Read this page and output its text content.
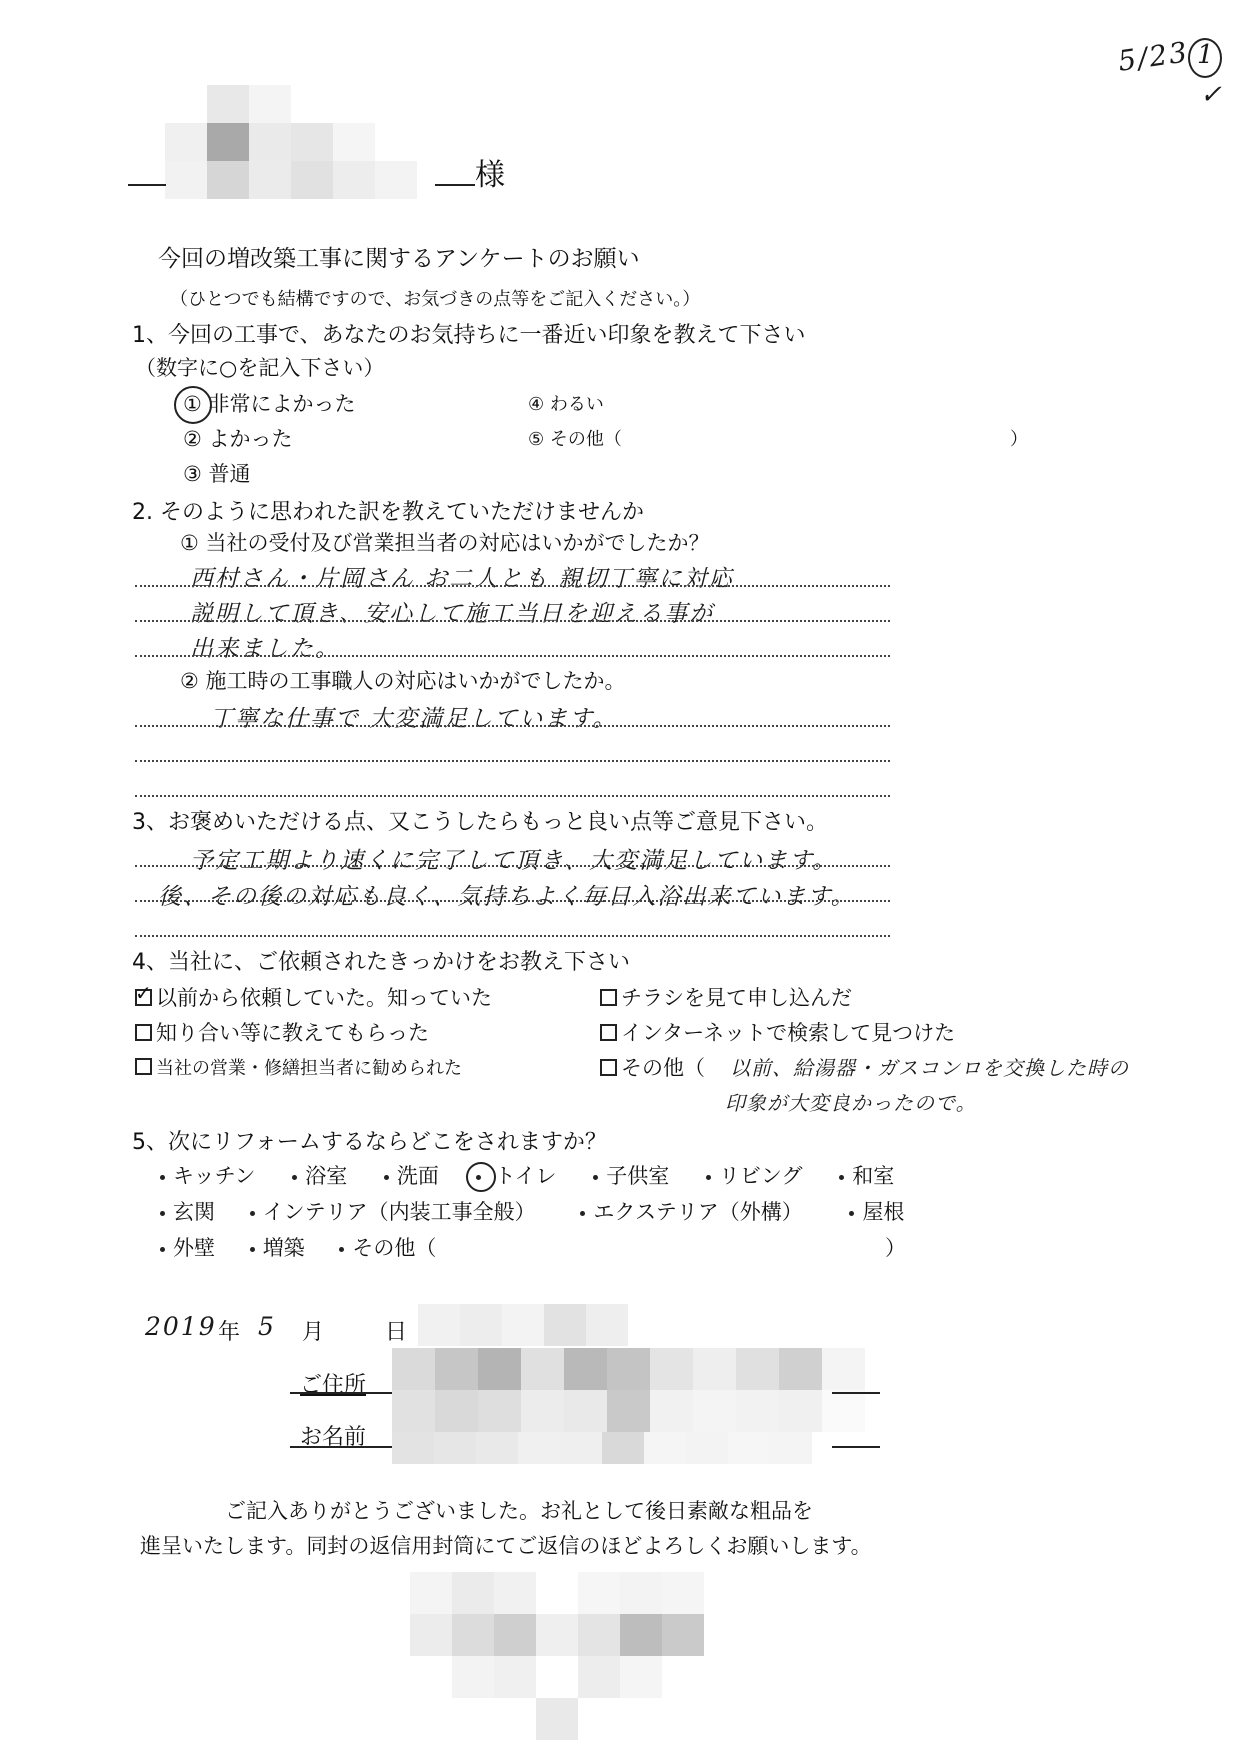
5/23 1
✓
様
今回の増改築工事に関するアンケートのお願い
（ひとつでも結構ですので、お気づきの点等をご記入ください。）
1、今回の工事で、あなたのお気持ちに一番近い印象を教えて下さい
（数字に○を記入下さい）
① 非常によかった
② よかった
③ 普通
④ わるい
⑤ その他（	）
2. そのように思われた訳を教えていただけませんか
① 当社の受付及び営業担当者の対応はいかがでしたか？
西村さん・片岡さん お二人とも 親切丁寧に対応
説明して頂き、安心して施工当日を迎える事が
出来ました。
② 施工時の工事職人の対応はいかがでしたか。
丁寧な仕事で 大変満足しています。
3、お褒めいただける点、又こうしたらもっと良い点等ご意見下さい。
予定工期より速くに完了して頂き、大変満足しています。
後、その後の対応も良く、気持ちよく毎日入浴出来ています。
4、当社に、ご依頼されたきっかけをお教え下さい
✓ 以前から依頼していた。知っていた
知り合い等に教えてもらった
当社の営業・修繕担当者に勧められた
チラシを見て申し込んだ
インターネットで検索して見つけた
その他（ 以前、給湯器・ガスコンロを交換した時の
印象が大変良かったので。
5、次にリフォームするならどこをされますか？
キッチン 浴室 洗面	トイレ 子供室 リビング 和室
玄関 インテリア（内装工事全般）	エクステリア（外構）	屋根
外壁 増築 その他（	）
2019 年 5 月	日
ご住所
お名前
ご記入ありがとうございました。お礼として後日素敵な粗品を
進呈いたします。同封の返信用封筒にてご返信のほどよろしくお願いします。
